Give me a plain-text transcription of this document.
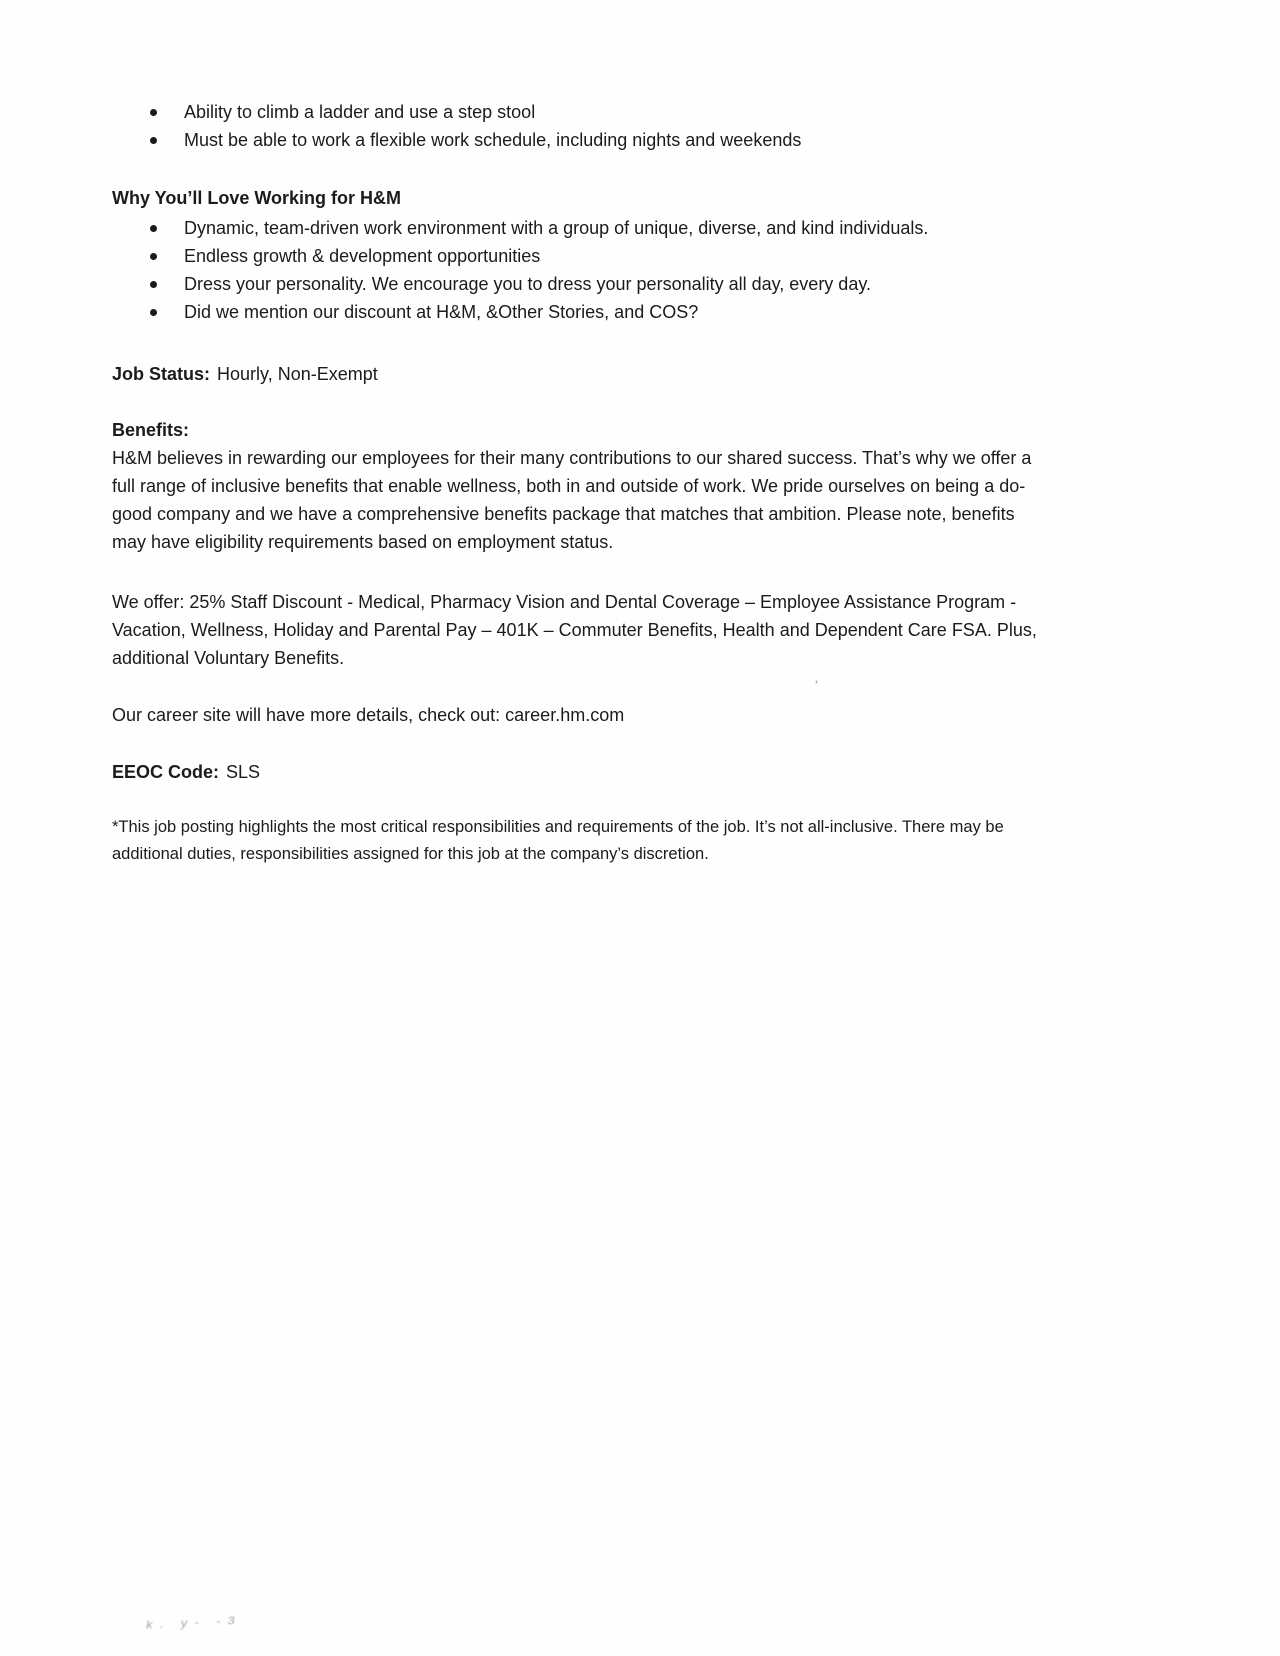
Ability to climb a ladder and use a step stool
Must be able to work a flexible work schedule, including nights and weekends
Why You’ll Love Working for H&M
Dynamic, team-driven work environment with a group of unique, diverse, and kind individuals.
Endless growth & development opportunities
Dress your personality. We encourage you to dress your personality all day, every day.
Did we mention our discount at H&M, &Other Stories, and COS?
Job Status: Hourly, Non-Exempt
Benefits:
H&M believes in rewarding our employees for their many contributions to our shared success. That’s why we offer a
full range of inclusive benefits that enable wellness, both in and outside of work. We pride ourselves on being a do-
good company and we have a comprehensive benefits package that matches that ambition. Please note, benefits
may have eligibility requirements based on employment status.
We offer: 25% Staff Discount - Medical, Pharmacy Vision and Dental Coverage – Employee Assistance Program -
Vacation, Wellness, Holiday and Parental Pay – 401K – Commuter Benefits, Health and Dependent Care FSA. Plus,
additional Voluntary Benefits.
Our career site will have more details, check out: career.hm.com
EEOC Code: SLS
*This job posting highlights the most critical responsibilities and requirements of the job. It’s not all-inclusive. There may be
additional duties, responsibilities assigned for this job at the company’s discretion.
ʼ
k. y- -3
